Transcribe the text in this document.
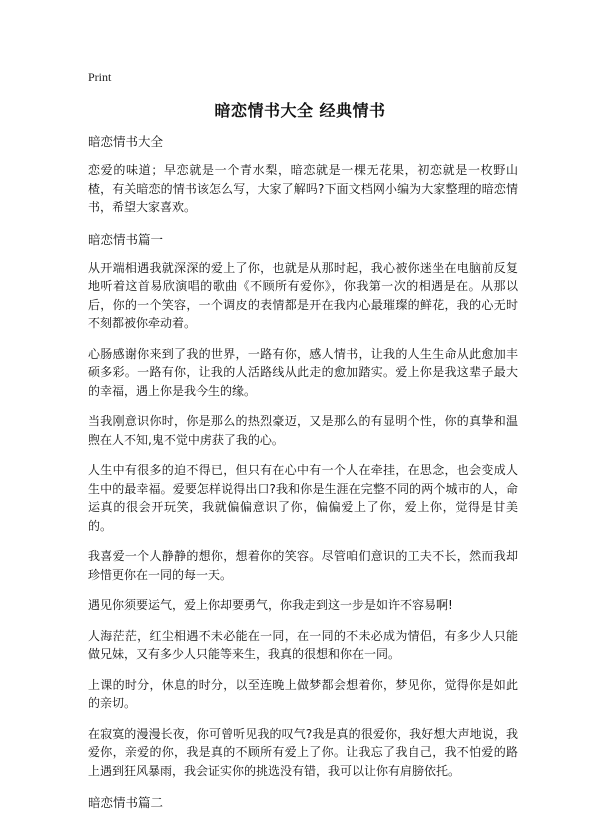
Print
暗恋情书大全 经典情书
暗恋情书大全

恋爱的味道；早恋就是一个青水梨，暗恋就是一棵无花果，初恋就是一枚野山楂，有关暗恋的情书该怎么写，大家了解吗?下面文档网小编为大家整理的暗恋情书，希望大家喜欢。

暗恋情书篇一

从开端相遇我就深深的爱上了你，也就是从那时起，我心被你迷坐在电脑前反复地听着这首易欣演唱的歌曲《不顾所有爱你》，你我第一次的相遇是在。从那以后，你的一个笑容，一个调皮的表情都是开在我内心最璀璨的鲜花，我的心无时不刻都被你牵动着。

心肠感谢你来到了我的世界，一路有你，感人情书，让我的人生生命从此愈加丰硕多彩。一路有你，让我的人活路线从此走的愈加踏实。爱上你是我这辈子最大的幸福，遇上你是我今生的缘。

当我刚意识你时，你是那么的热烈豪迈，又是那么的有显明个性，你的真挚和温煦在人不知,鬼不觉中虏获了我的心。

人生中有很多的迫不得已，但只有在心中有一个人在牵挂，在思念，也会变成人生中的最幸福。爱要怎样说得出口?我和你是生涯在完整不同的两个城市的人，命运真的很会开玩笑，我就偏偏意识了你，偏偏爱上了你，爱上你，觉得是甘美的。

我喜爱一个人静静的想你，想着你的笑容。尽管咱们意识的工夫不长，然而我却珍惜更你在一同的每一天。

遇见你须要运气，爱上你却要勇气，你我走到这一步是如许不容易啊!

人海茫茫，红尘相遇不未必能在一同，在一同的不未必成为情侣，有多少人只能做兄妹，又有多少人只能等来生，我真的很想和你在一同。

上课的时分，休息的时分，以至连晚上做梦都会想着你，梦见你，觉得你是如此的亲切。

在寂寞的漫漫长夜，你可曾听见我的叹气?我是真的很爱你，我好想大声地说，我爱你，亲爱的你，我是真的不顾所有爱上了你。让我忘了我自己，我不怕爱的路上遇到狂风暴雨，我会证实你的挑选没有错，我可以让你有肩膀依托。

暗恋情书篇二
